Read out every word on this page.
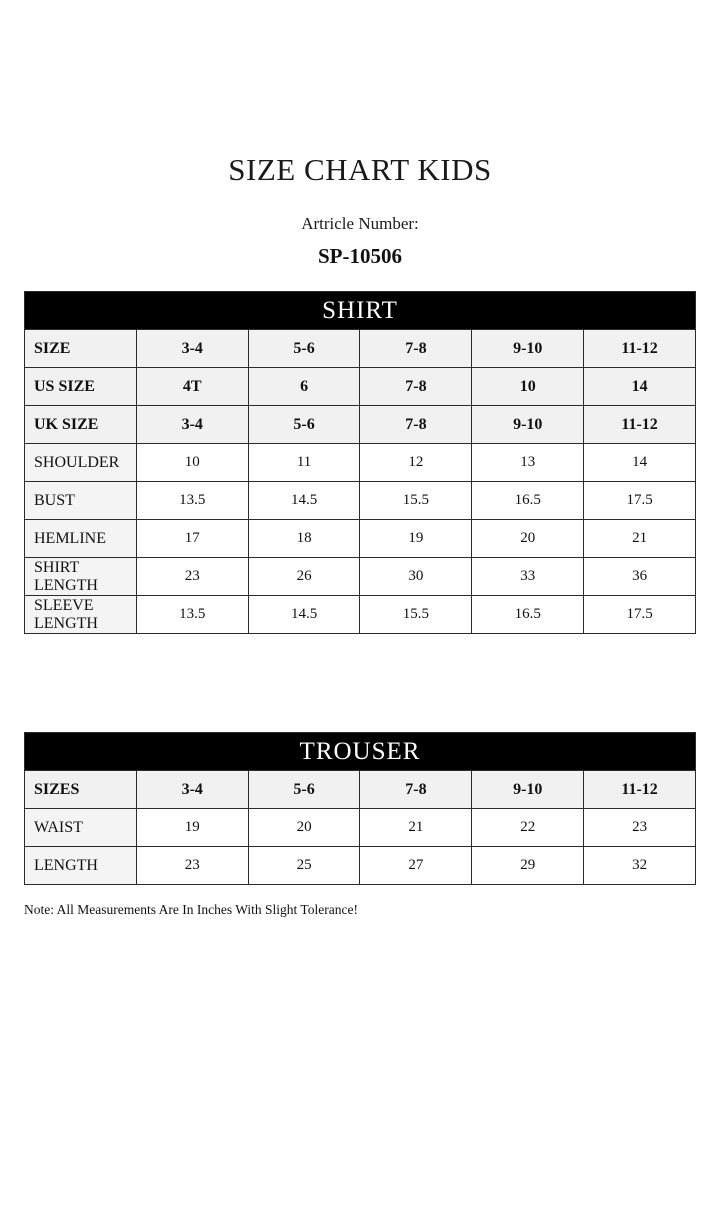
SIZE CHART KIDS
Artricle Number:
SP-10506
SHIRT					
SIZE	3-4	5-6	7-8	9-10	11-12
US SIZE	4T	6	7-8	10	14
UK SIZE	3-4	5-6	7-8	9-10	11-12
SHOULDER	10	11	12	13	14
BUST	13.5	14.5	15.5	16.5	17.5
HEMLINE	17	18	19	20	21
SHIRT LENGTH	23	26	30	33	36
SLEEVE LENGTH	13.5	14.5	15.5	16.5	17.5
TROUSER					
SIZES	3-4	5-6	7-8	9-10	11-12
WAIST	19	20	21	22	23
LENGTH	23	25	27	29	32
Note: All Measurements Are In Inches With Slight Tolerance!
